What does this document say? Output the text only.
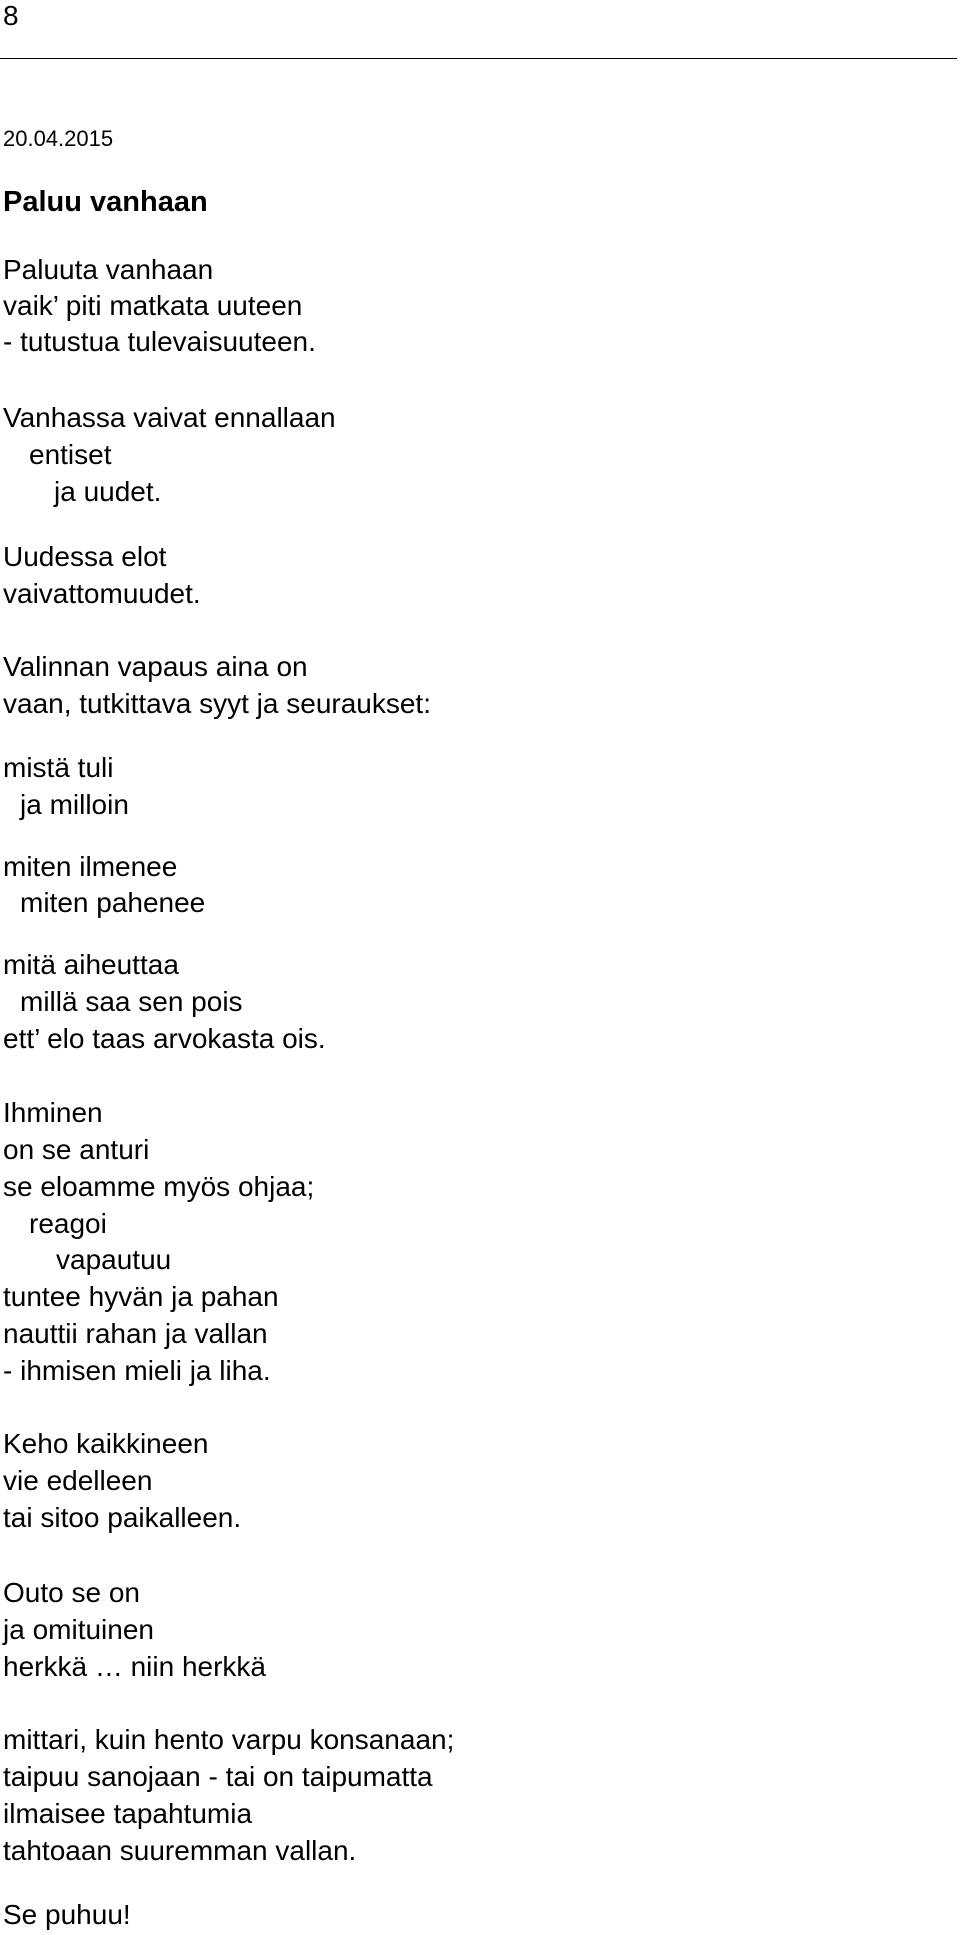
8
20.04.2015
Paluu vanhaan
Paluuta vanhaan
vaik’ piti matkata uuteen
- tutustua tulevaisuuteen.
Vanhassa vaivat ennallaan
entiset
ja uudet.
Uudessa elot
vaivattomuudet.
Valinnan vapaus aina on
vaan, tutkittava syyt ja seuraukset:
mistä tuli
ja milloin
miten ilmenee
miten pahenee
mitä aiheuttaa
millä saa sen pois
ett’ elo taas arvokasta ois.
Ihminen
on se anturi
se eloamme myös ohjaa;
reagoi
vapautuu
tuntee hyvän ja pahan
nauttii rahan ja vallan
- ihmisen mieli ja liha.
Keho kaikkineen
vie edelleen
tai sitoo paikalleen.
Outo se on
ja omituinen
herkkä … niin herkkä
mittari, kuin hento varpu konsanaan;
taipuu sanojaan - tai on taipumatta
ilmaisee tapahtumia
tahtoaan suuremman vallan.
Se puhuu!
